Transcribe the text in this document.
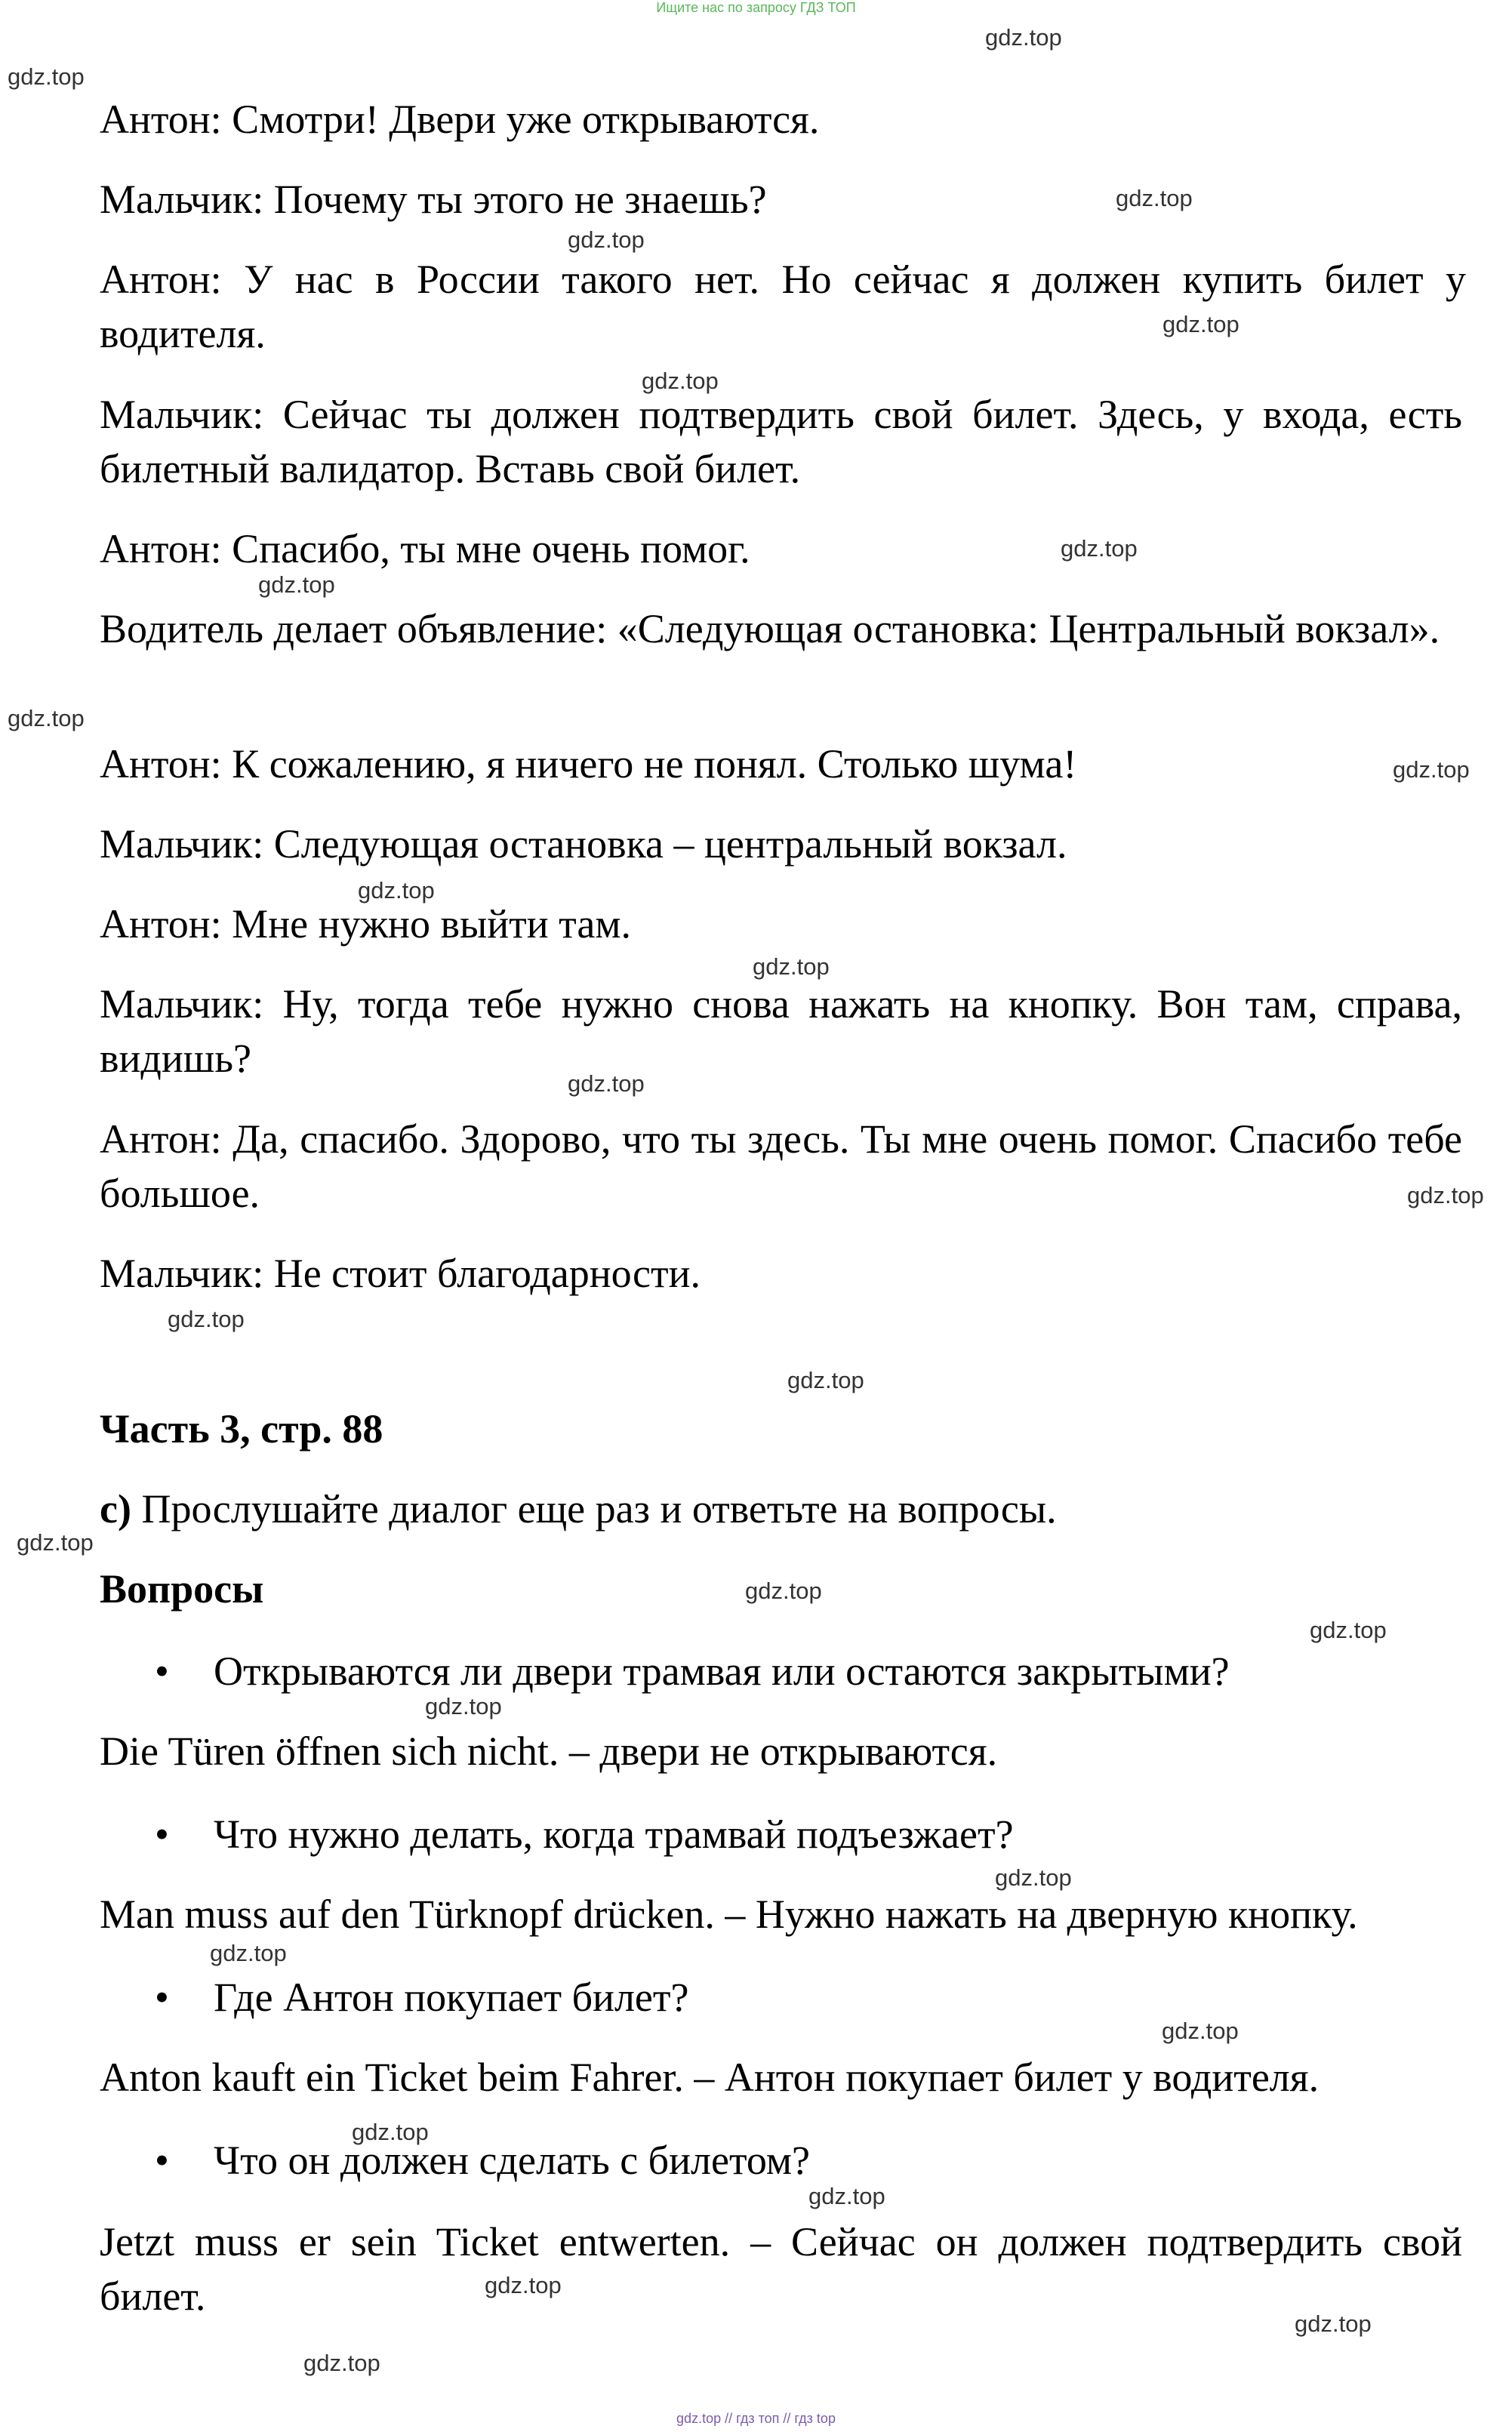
Ищите нас по запросу ГДЗ ТОП
Антон: Смотри! Двери уже открываются.
Мальчик: Почему ты этого не знаешь?
Антон: У нас в России такого нет. Но сейчас я должен купить билет у водителя.
Мальчик: Сейчас ты должен подтвердить свой билет. Здесь, у входа, есть билетный валидатор. Вставь свой билет.
Антон: Спасибо, ты мне очень помог.
Водитель делает объявление: «Следующая остановка: Центральный вокзал».
Антон: К сожалению, я ничего не понял. Столько шума!
Мальчик: Следующая остановка – центральный вокзал.
Антон: Мне нужно выйти там.
Мальчик: Ну, тогда тебе нужно снова нажать на кнопку. Вон там, справа, видишь?
Антон: Да, спасибо. Здорово, что ты здесь. Ты мне очень помог. Спасибо тебе большое.
Мальчик: Не стоит благодарности.
Часть 3, стр. 88
c) Прослушайте диалог еще раз и ответьте на вопросы.
Вопросы
• Открываются ли двери трамвая или остаются закрытыми?
Die Türen öffnen sich nicht. – двери не открываются.
• Что нужно делать, когда трамвай подъезжает?
Man muss auf den Türknopf drücken. – Нужно нажать на дверную кнопку.
• Где Антон покупает билет?
Anton kauft ein Ticket beim Fahrer. – Антон покупает билет у водителя.
• Что он должен сделать с билетом?
Jetzt muss er sein Ticket entwerten. – Сейчас он должен подтвердить свой билет.
gdz.top
gdz.top
gdz.top
gdz.top
gdz.top
gdz.top
gdz.top
gdz.top
gdz.top
gdz.top
gdz.top
gdz.top
gdz.top
gdz.top
gdz.top
gdz.top
gdz.top
gdz.top
gdz.top
gdz.top
gdz.top
gdz.top
gdz.top
gdz.top
gdz.top
gdz.top
gdz.top
gdz.top
gdz.top // гдз топ // гдз top
